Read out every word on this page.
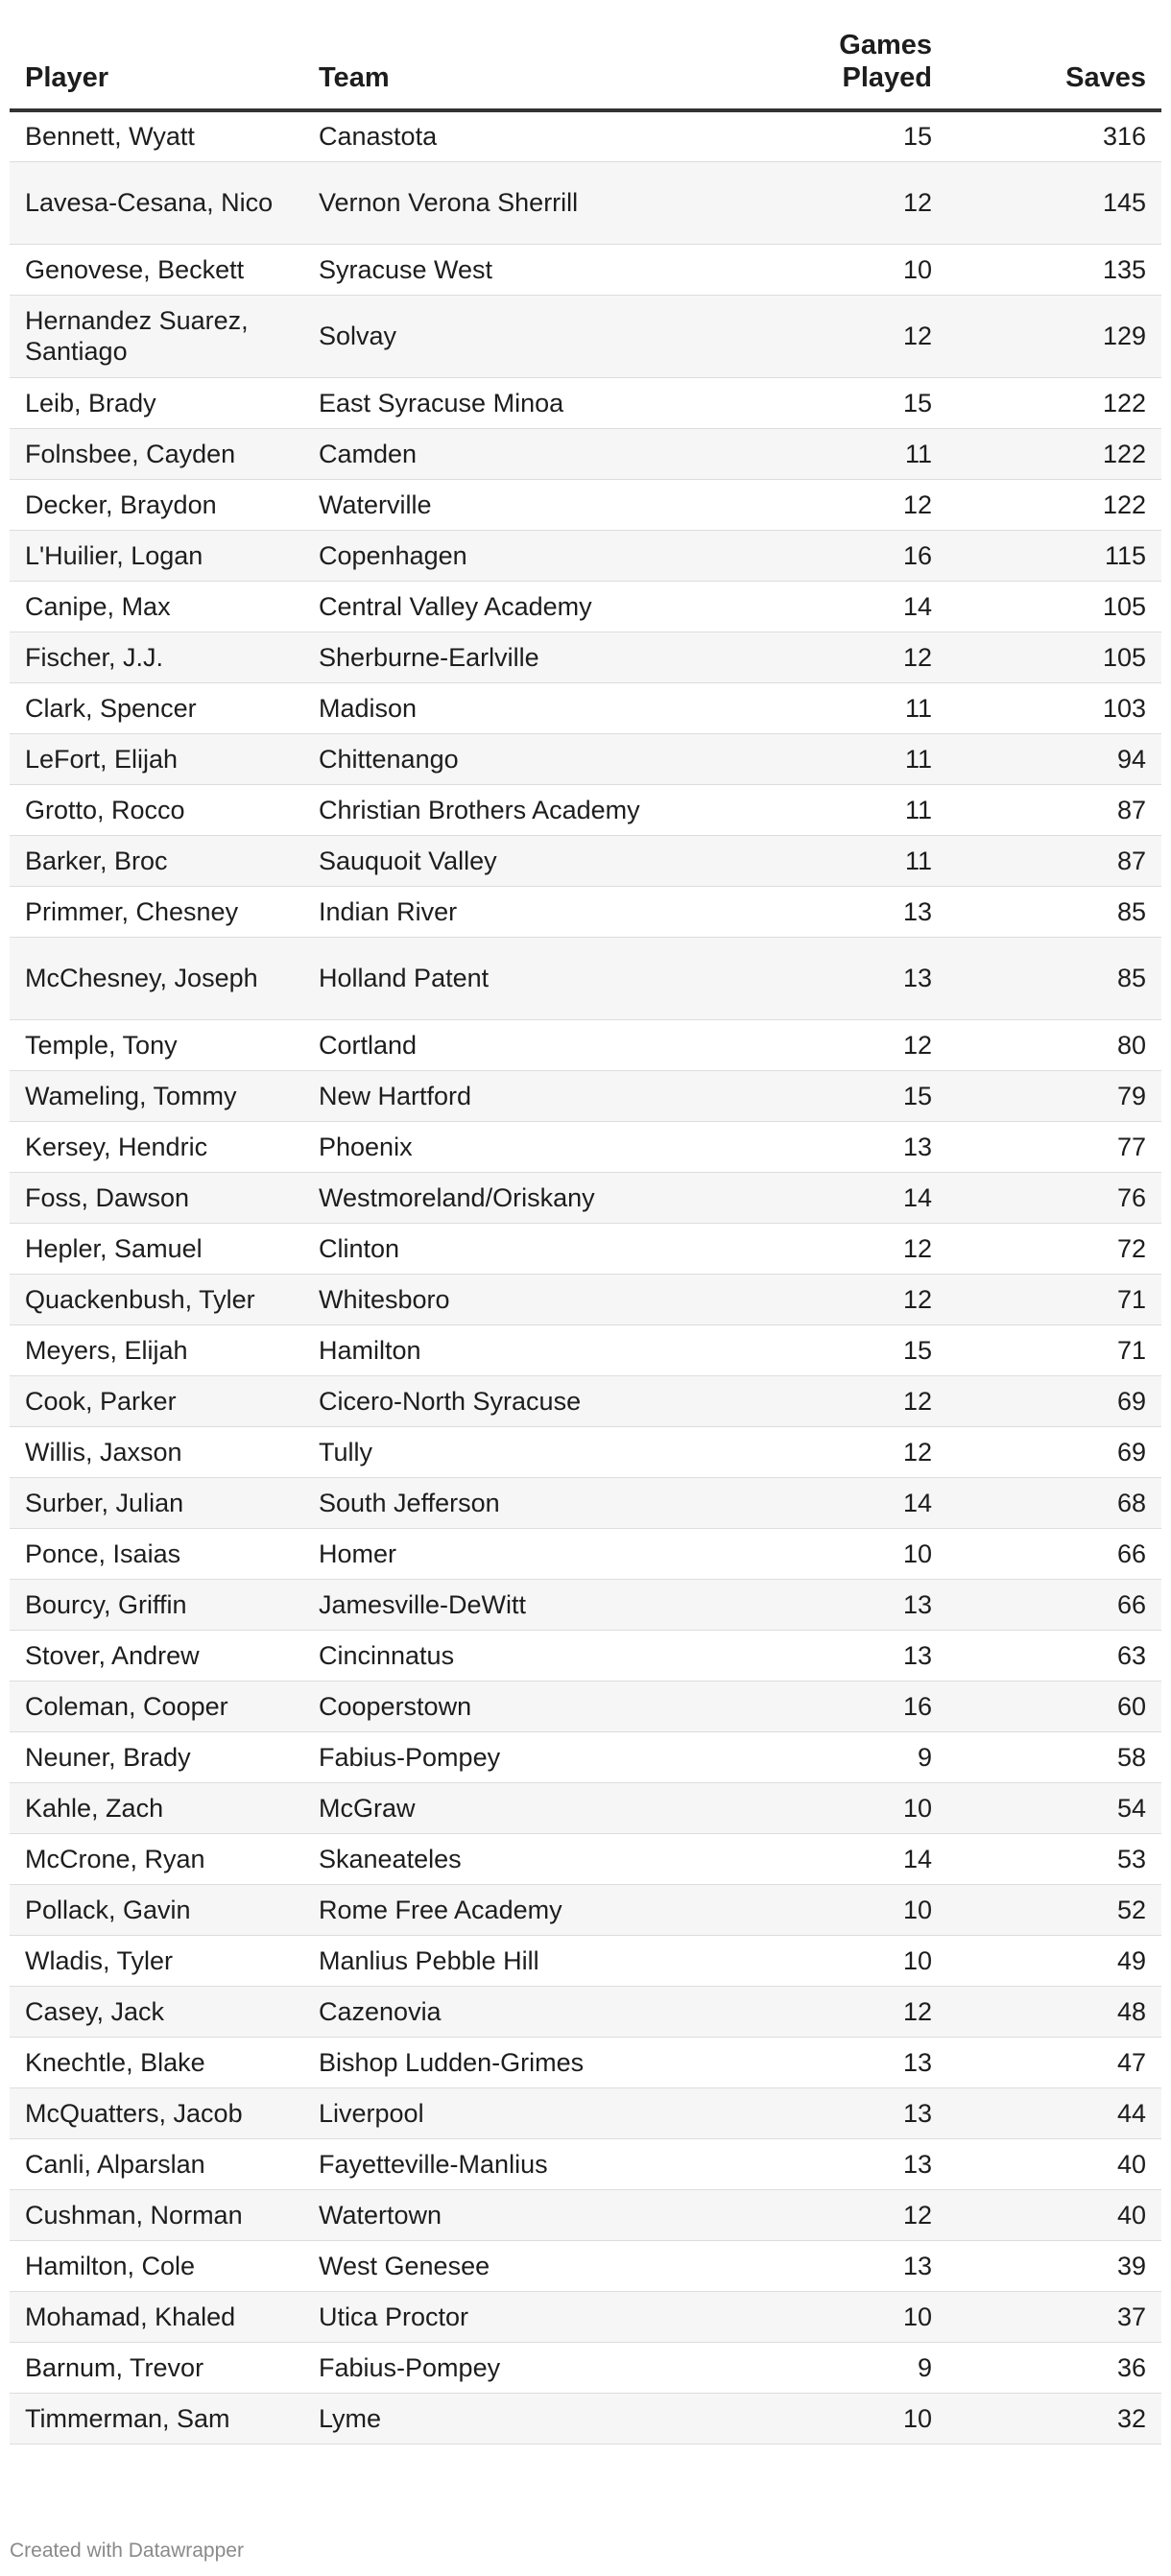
Player	Team	Games Played	Saves
Bennett, Wyatt	Canastota	15	316
Lavesa-Cesana, Nico	Vernon Verona Sherrill	12	145
Genovese, Beckett	Syracuse West	10	135
Hernandez Suarez, Santiago	Solvay	12	129
Leib, Brady	East Syracuse Minoa	15	122
Folnsbee, Cayden	Camden	11	122
Decker, Braydon	Waterville	12	122
L'Huilier, Logan	Copenhagen	16	115
Canipe, Max	Central Valley Academy	14	105
Fischer, J.J.	Sherburne-Earlville	12	105
Clark, Spencer	Madison	11	103
LeFort, Elijah	Chittenango	11	94
Grotto, Rocco	Christian Brothers Academy	11	87
Barker, Broc	Sauquoit Valley	11	87
Primmer, Chesney	Indian River	13	85
McChesney, Joseph	Holland Patent	13	85
Temple, Tony	Cortland	12	80
Wameling, Tommy	New Hartford	15	79
Kersey, Hendric	Phoenix	13	77
Foss, Dawson	Westmoreland/Oriskany	14	76
Hepler, Samuel	Clinton	12	72
Quackenbush, Tyler	Whitesboro	12	71
Meyers, Elijah	Hamilton	15	71
Cook, Parker	Cicero-North Syracuse	12	69
Willis, Jaxson	Tully	12	69
Surber, Julian	South Jefferson	14	68
Ponce, Isaias	Homer	10	66
Bourcy, Griffin	Jamesville-DeWitt	13	66
Stover, Andrew	Cincinnatus	13	63
Coleman, Cooper	Cooperstown	16	60
Neuner, Brady	Fabius-Pompey	9	58
Kahle, Zach	McGraw	10	54
McCrone, Ryan	Skaneateles	14	53
Pollack, Gavin	Rome Free Academy	10	52
Wladis, Tyler	Manlius Pebble Hill	10	49
Casey, Jack	Cazenovia	12	48
Knechtle, Blake	Bishop Ludden-Grimes	13	47
McQuatters, Jacob	Liverpool	13	44
Canli, Alparslan	Fayetteville-Manlius	13	40
Cushman, Norman	Watertown	12	40
Hamilton, Cole	West Genesee	13	39
Mohamad, Khaled	Utica Proctor	10	37
Barnum, Trevor	Fabius-Pompey	9	36
Timmerman, Sam	Lyme	10	32
Created with Datawrapper
